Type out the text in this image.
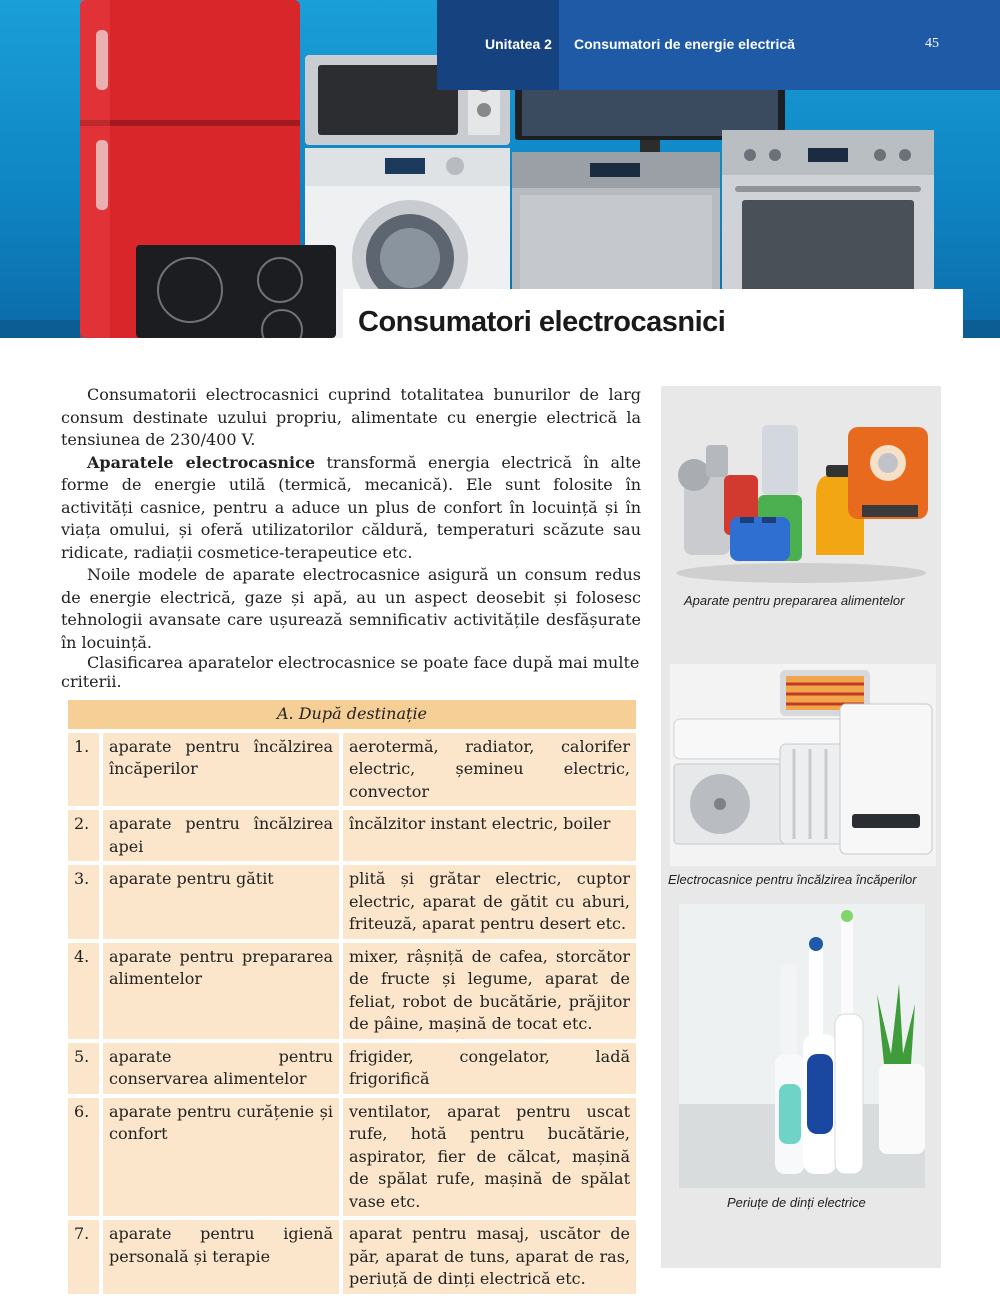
Unitatea 2 Consumatori de energie electrică	45
Consumatori electrocasnici

Consumatorii electrocasnici cuprind totalitatea bunurilor de larg consum destinate uzului propriu, alimentate cu energie electrică la tensiunea de 230/400 V.

Aparatele electrocasnice transformă energia electrică în alte forme de energie utilă (termică, mecanică). Ele sunt folosite în activități casnice, pentru a aduce un plus de confort în locuință și în viața omului, și oferă utilizatorilor căldură, temperaturi scăzute sau ridicate, radiații cosmetice-terapeutice etc.

Noile modele de aparate electrocasnice asigură un consum redus de energie electrică, gaze și apă, au un aspect deosebit și folosesc tehnologii avansate care ușurează semnificativ activitățile desfășurate în locuință.

Clasificarea aparatelor electrocasnice se poate face după mai multe criterii.
A. După destinație		
1.	aparate pentru încălzirea încăperilor	aerotermă, radiator, calorifer electric, șemineu electric, convector
2.	aparate pentru încălzirea apei	încălzitor instant electric, boiler
3.	aparate pentru gătit	plită și grătar electric, cuptor electric, aparat de gătit cu aburi, friteuză, aparat pentru desert etc.
4.	aparate pentru prepararea alimentelor	mixer, râșniță de cafea, storcător de fructe și legume, aparat de feliat, robot de bucătărie, prăjitor de pâine, mașină de tocat etc.
5.	aparate pentru conservarea alimentelor	frigider, congelator, ladă frigorifică
6.	aparate pentru curățenie și confort	ventilator, aparat pentru uscat rufe, hotă pentru bucătărie, aspirator, fier de călcat, mașină de spălat rufe, mașină de spălat vase etc.
7.	aparate pentru igienă personală și terapie	aparat pentru masaj, uscător de păr, aparat de tuns, aparat de ras, periuță de dinți electrică etc.
Aparate pentru prepararea alimentelor
Electrocasnice pentru încălzirea încăperilor
Periuțe de dinți electrice
